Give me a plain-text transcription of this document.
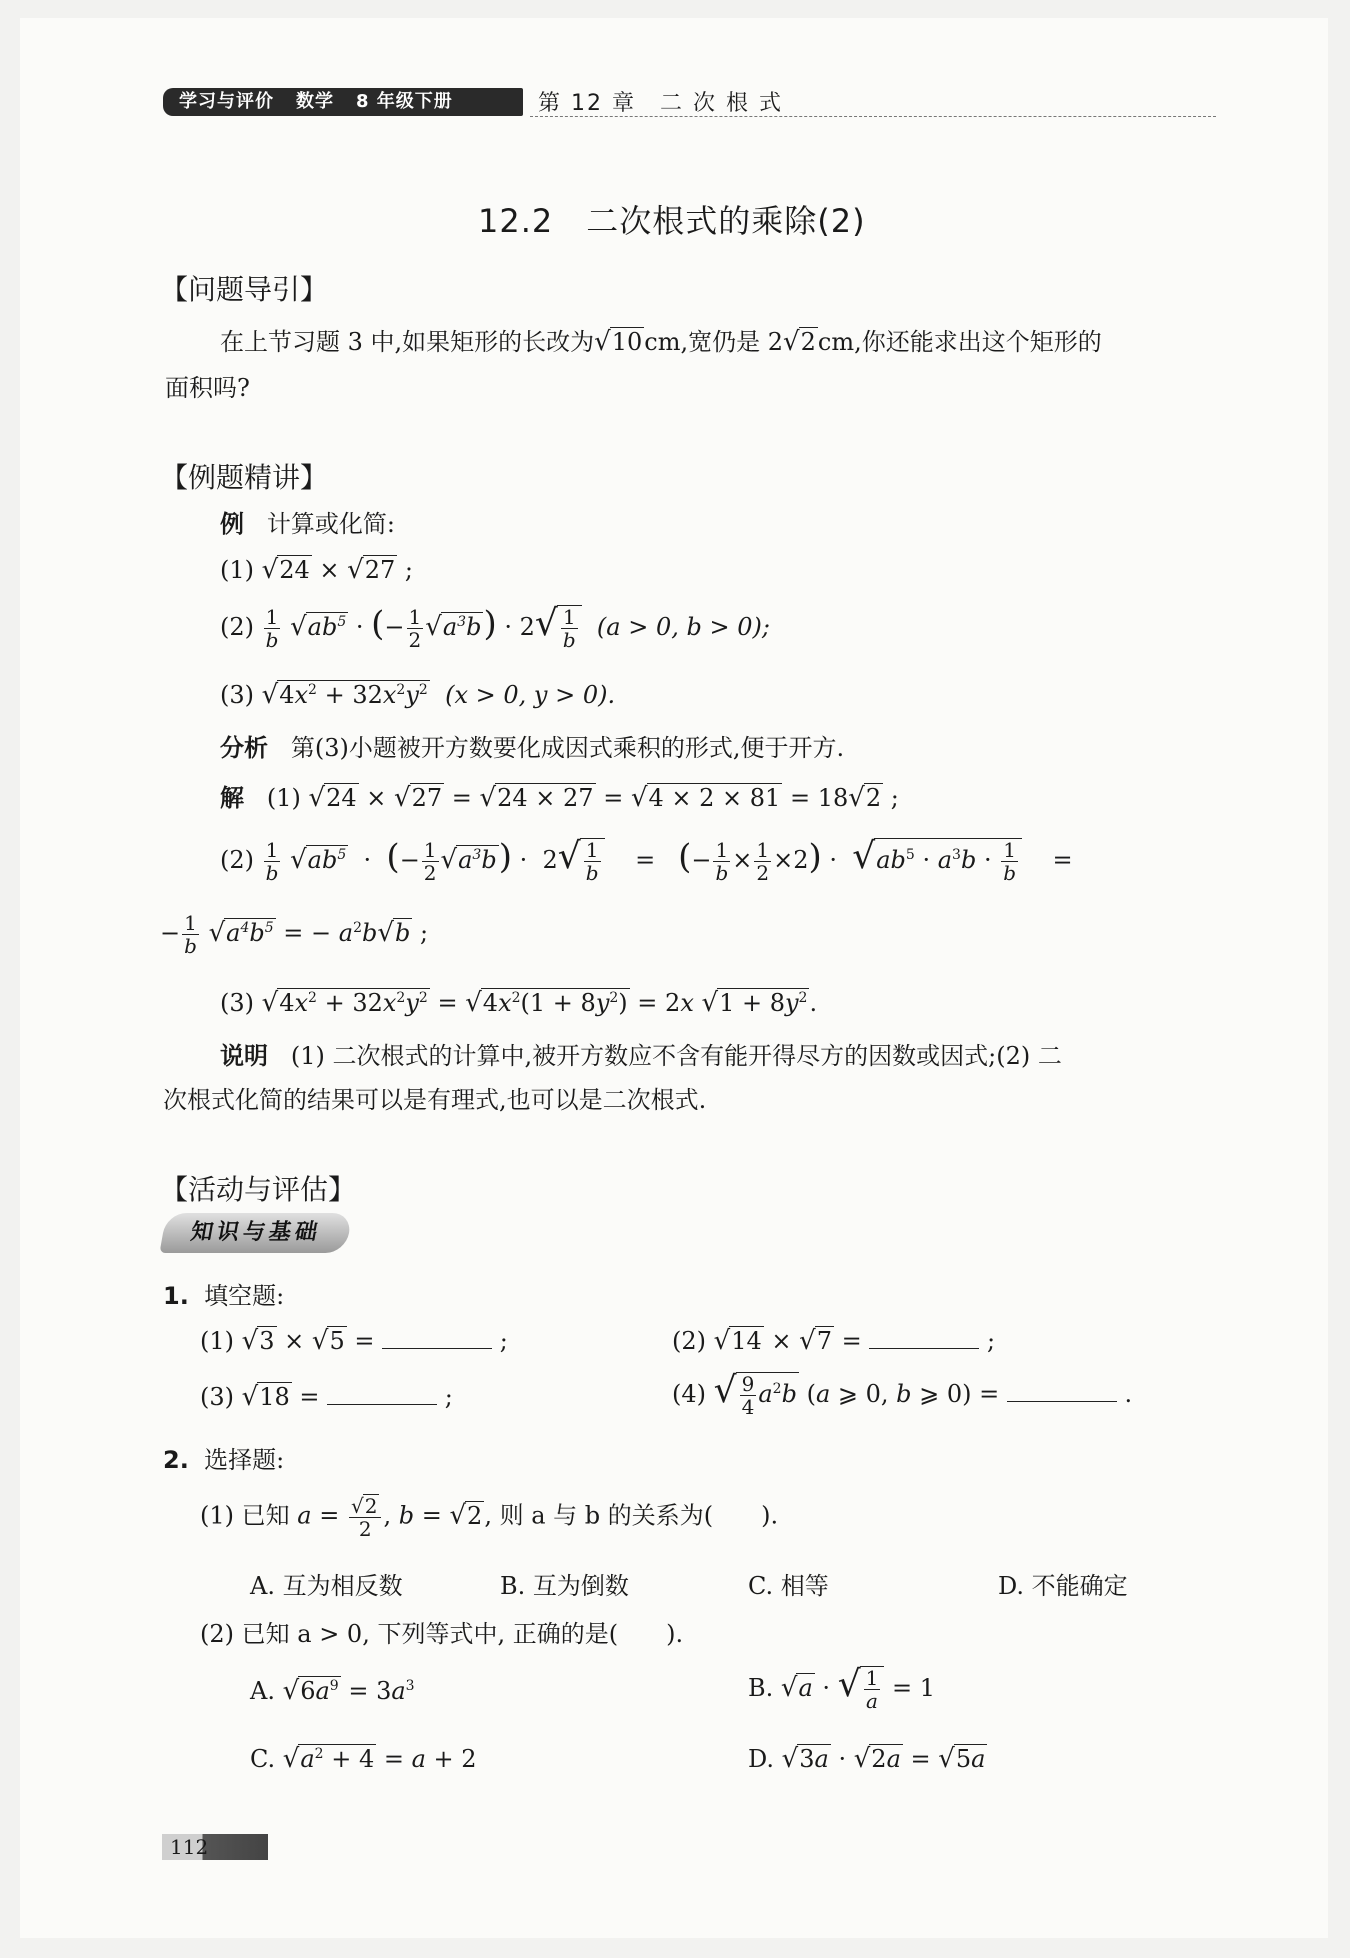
学习与评价 数学 8 年级下册	第 12 章　二 次 根 式
12.2　二次根式的乘除(2)
【问题导引】
在上节习题 3 中,如果矩形的长改为√10cm,宽仍是 2√2cm,你还能求出这个矩形的
面积吗?
【例题精讲】
例 计算或化简:
(1) √24 × √27 ;
$(2) \frac{1}{b} √ab^5$ · (− $\frac{1}{2} √a^3b) \cdot 2√ \frac{1}{b} (a > 0$, b > 0);
(3) $√4x^2 + 32x^2y^2$ (x > 0, y > 0).
分析 第(3)小题被开方数要化成因式乘积的形式,便于开方.
解 (1) √24 × √27 = √24 × 27 = √4 × 2 × 81 = 18√2 ;
$(2) \frac{1}{b} √ab^5$  ·  (− $\frac{1}{2} √a^3b) \cdot 2√ \frac{1}{b}$ =   (− $\frac{1}{b} \times \frac{1}{2} \times 2) \cdot √ab^5 \cdot a^3b \cdot \frac{1}{b}$ =
− $\frac{1}{b} √a^4b^5$ = − $a^2b√b$ ;
(3) $√4x^2 + 32x^2y^2 = √4x^2(1 + 8y^2) = 2x$ $√1 + 8y^2$.
说明 (1) 二次根式的计算中,被开方数应不含有能开得尽方的因数或因式;(2) 二
次根式化简的结果可以是有理式,也可以是二次根式.
【活动与评估】
知识与基础
1. 填空题:
(1) √3 × √5 =	;	(2) √14 × √7 =	;
(3) √18 =	;	(4) √ $\frac{9}{4} a^2b$ (a ⩾ 0, b ⩾ 0) =	.
2. 选择题:
(1) 已知 $a = \frac{√2}{2}$ , b = √2, 则 a 与 b 的关系为(　　).
A. 互为相反数	B. 互为倒数	C. 相等	D. 不能确定
(2) 已知 a > 0, 下列等式中, 正确的是(　　).
A. $√6a^9 = 3a^3$	B. √a · √ $\frac{1}{a} = 1$
C. $√a^2 + 4 = a + 2$	D. √3a · √2a = √5a
112
